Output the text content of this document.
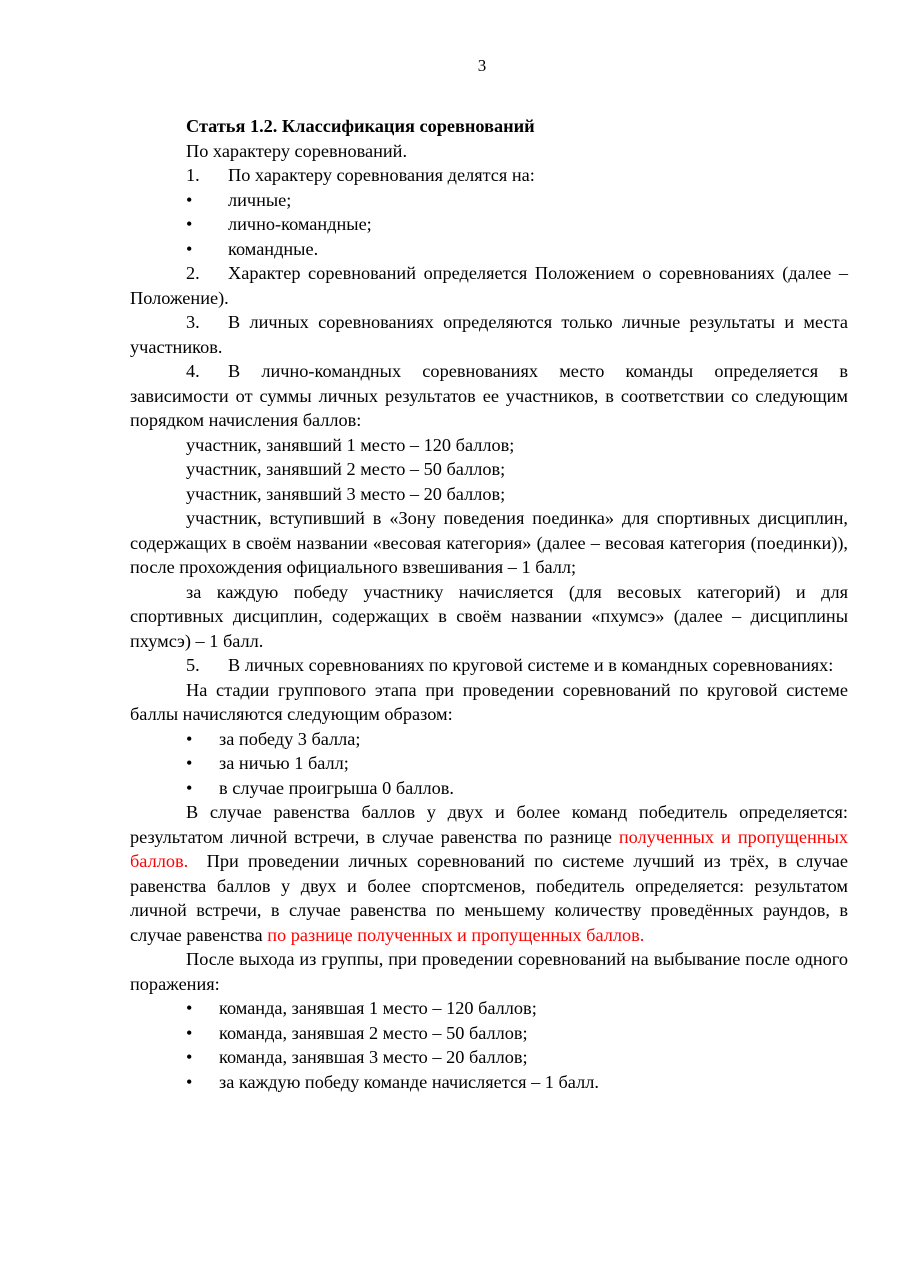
3

Статья 1.2. Классификация соревнований

По характеру соревнований.

1. По характеру соревнования делятся на:

• личные;

• лично-командные;

• командные.

2. Характер соревнований определяется Положением о соревнованиях (далее – Положение).

3. В личных соревнованиях определяются только личные результаты и места участников.

4. В лично-командных соревнованиях место команды определяется в зависимости от суммы личных результатов ее участников, в соответствии со следующим порядком начисления баллов:

участник, занявший 1 место – 120 баллов;

участник, занявший 2 место – 50 баллов;

участник, занявший 3 место – 20 баллов;

участник, вступивший в «Зону поведения поединка» для спортивных дисциплин, содержащих в своём названии «весовая категория» (далее – весовая категория (поединки)), после прохождения официального взвешивания – 1 балл;

за каждую победу участнику начисляется (для весовых категорий) и для спортивных дисциплин, содержащих в своём названии «пхумсэ» (далее – дисциплины пхумсэ) – 1 балл.

5. В личных соревнованиях по круговой системе и в командных соревнованиях:

На стадии группового этапа при проведении соревнований по круговой системе баллы начисляются следующим образом:

• за победу 3 балла;

• за ничью 1 балл;

• в случае проигрыша 0 баллов.

В случае равенства баллов у двух и более команд победитель определяется: результатом личной встречи, в случае равенства по разнице полученных и пропущенных баллов.  При проведении личных соревнований по системе лучший из трёх, в случае равенства баллов у двух и более спортсменов, победитель определяется: результатом личной встречи, в случае равенства по меньшему количеству проведённых раундов, в случае равенства по разнице полученных и пропущенных баллов.

После выхода из группы, при проведении соревнований на выбывание после одного поражения:

• команда, занявшая 1 место – 120 баллов;

• команда, занявшая 2 место – 50 баллов;

• команда, занявшая 3 место – 20 баллов;

• за каждую победу команде начисляется – 1 балл.
